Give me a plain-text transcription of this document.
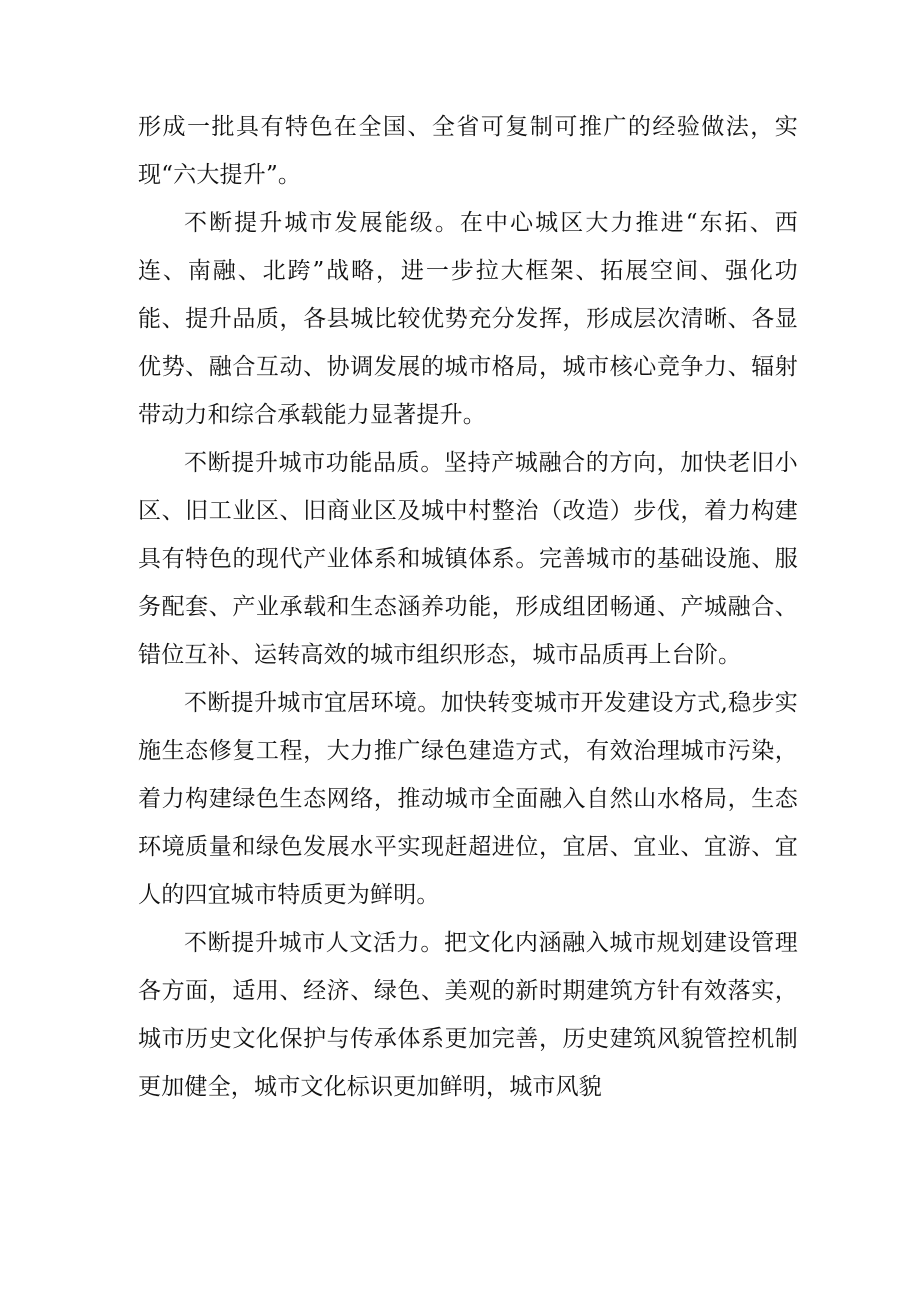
形成一批具有特色在全国、全省可复制可推广的经验做法，实现“六大提升”。

不断提升城市发展能级。在中心城区大力推进“东拓、西连、南融、北跨”战略，进一步拉大框架、拓展空间、强化功能、提升品质，各县城比较优势充分发挥，形成层次清晰、各显优势、融合互动、协调发展的城市格局，城市核心竞争力、辐射带动力和综合承载能力显著提升。

不断提升城市功能品质。坚持产城融合的方向，加快老旧小区、旧工业区、旧商业区及城中村整治（改造）步伐，着力构建具有特色的现代产业体系和城镇体系。完善城市的基础设施、服务配套、产业承载和生态涵养功能，形成组团畅通、产城融合、错位互补、运转高效的城市组织形态，城市品质再上台阶。

不断提升城市宜居环境。加快转变城市开发建设方式,稳步实施生态修复工程，大力推广绿色建造方式，有效治理城市污染，着力构建绿色生态网络，推动城市全面融入自然山水格局，生态环境质量和绿色发展水平实现赶超进位，宜居、宜业、宜游、宜人的四宜城市特质更为鲜明。

不断提升城市人文活力。把文化内涵融入城市规划建设管理各方面，适用、经济、绿色、美观的新时期建筑方针有效落实，城市历史文化保护与传承体系更加完善，历史建筑风貌管控机制更加健全，城市文化标识更加鲜明，城市风貌
